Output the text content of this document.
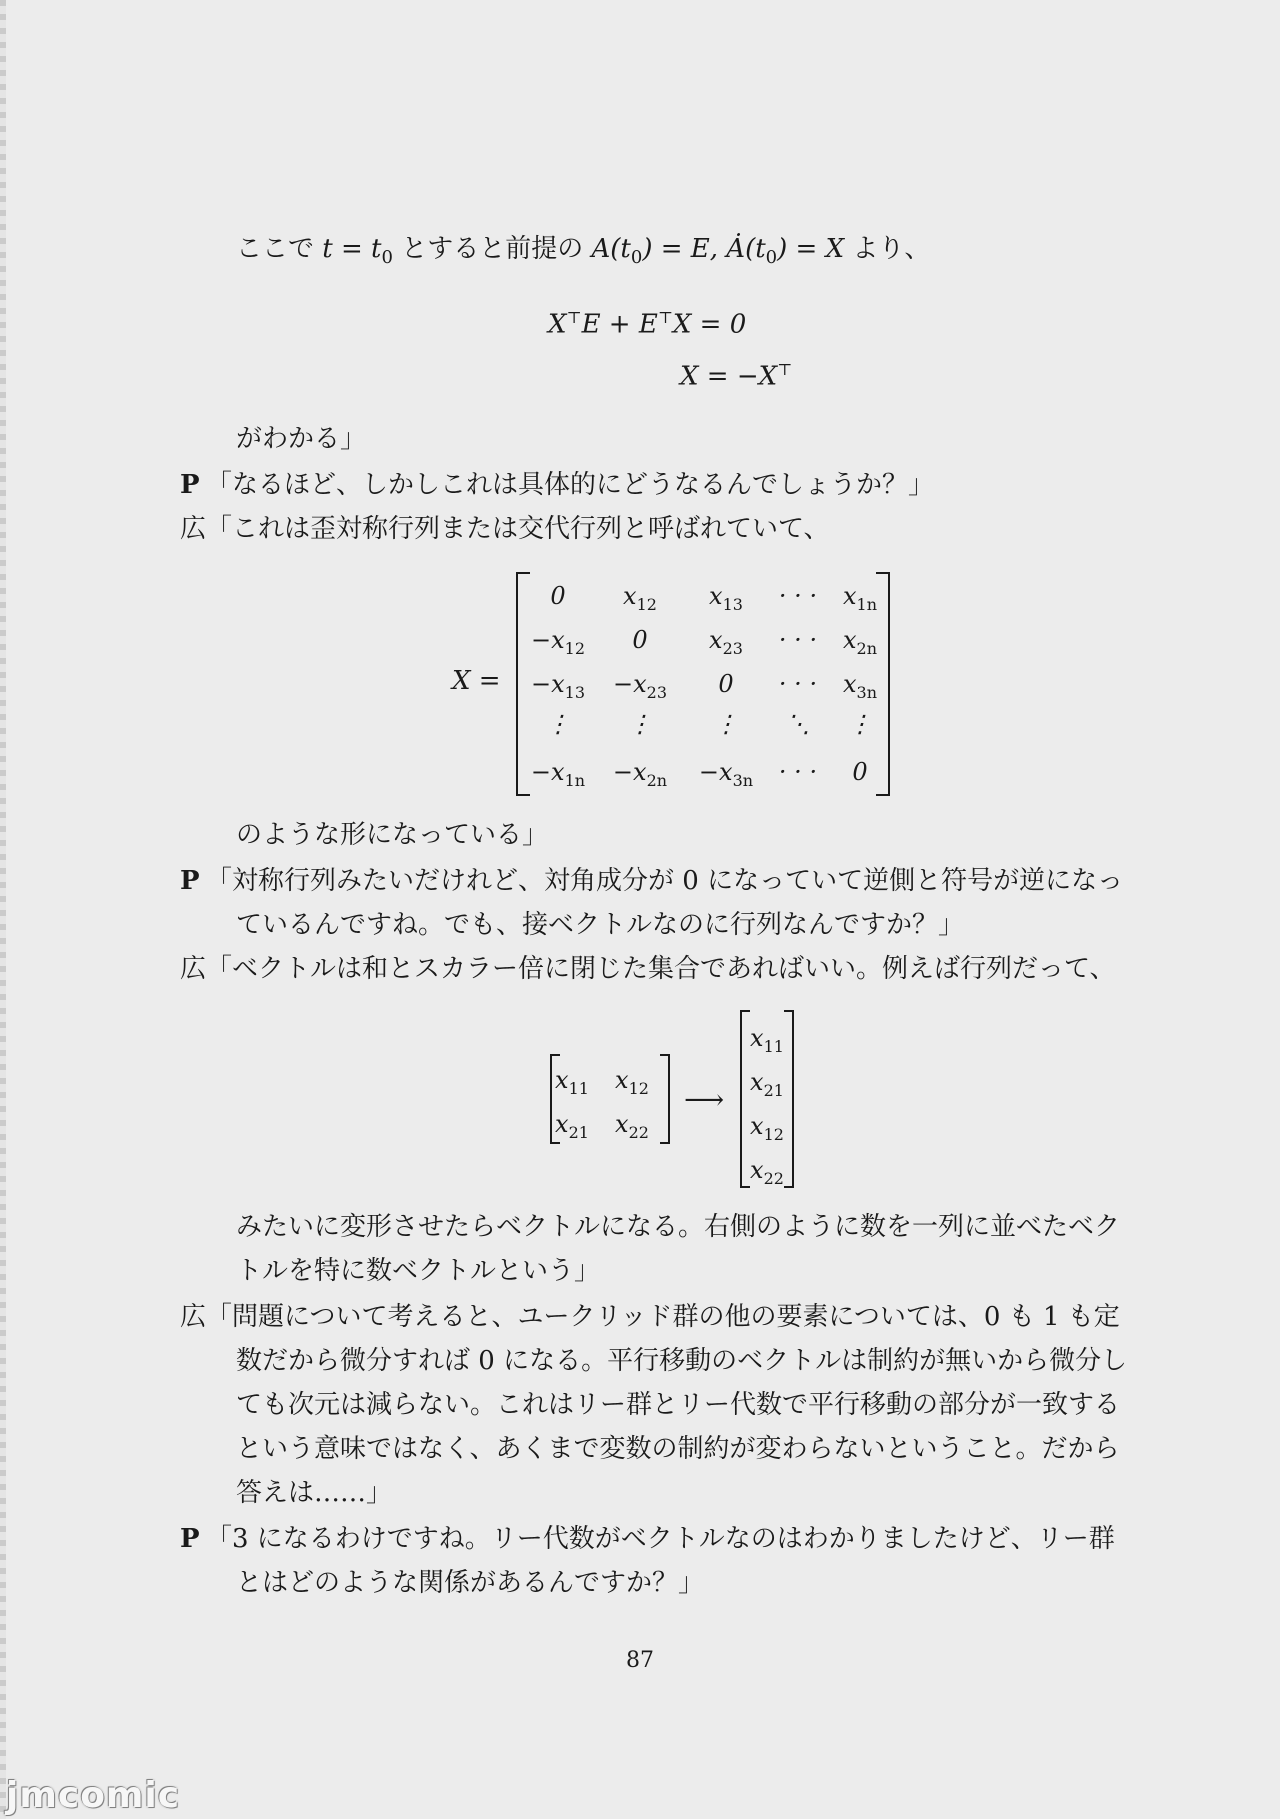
ここで $t = t_0$ とすると前提の $A(t_0) = E$, $Ȧ(t_0) = X$ より、
X⊤E + E⊤X = 0
X = −X⊤
がわかる」
P 「なるほど、しかしこれは具体的にどうなるんでしょうか？」
広「これは歪対称行列または交代行列と呼ばれていて、
X =
0	$x_{12}$	$x_{13}$	· · ·	$x_{1n}$
$-x_{12}$	0	$x_{23}$	· · ·	$x_{2n}$
$-x_{13}$	$-x_{23}$	0	· · ·	$x_{3n}$
⋮	⋮	⋮	⋱	⋮
$-x_{1n}$	$-x_{2n}$	$-x_{3n}$	· · ·	0
のような形になっている」
P 「対称行列みたいだけれど、対角成分が 0 になっていて逆側と符号が逆になっ
ているんですね。でも、接ベクトルなのに行列なんですか？」
広「ベクトルは和とスカラー倍に閉じた集合であればいい。例えば行列だって、
$x_{11}$	$x_{12}$
$x_{21}$	$x_{22}$
⟶
$x_{11}$
$x_{21}$
$x_{12}$
$x_{22}$
みたいに変形させたらベクトルになる。右側のように数を一列に並べたベク
トルを特に数ベクトルという」
広「問題について考えると、ユークリッド群の他の要素については、0 も 1 も定
数だから微分すれば 0 になる。平行移動のベクトルは制約が無いから微分し
ても次元は減らない。これはリー群とリー代数で平行移動の部分が一致する
という意味ではなく、あくまで変数の制約が変わらないということ。だから
答えは……」
P 「3 になるわけですね。リー代数がベクトルなのはわかりましたけど、リー群
とはどのような関係があるんですか？」
87
jmcomic
